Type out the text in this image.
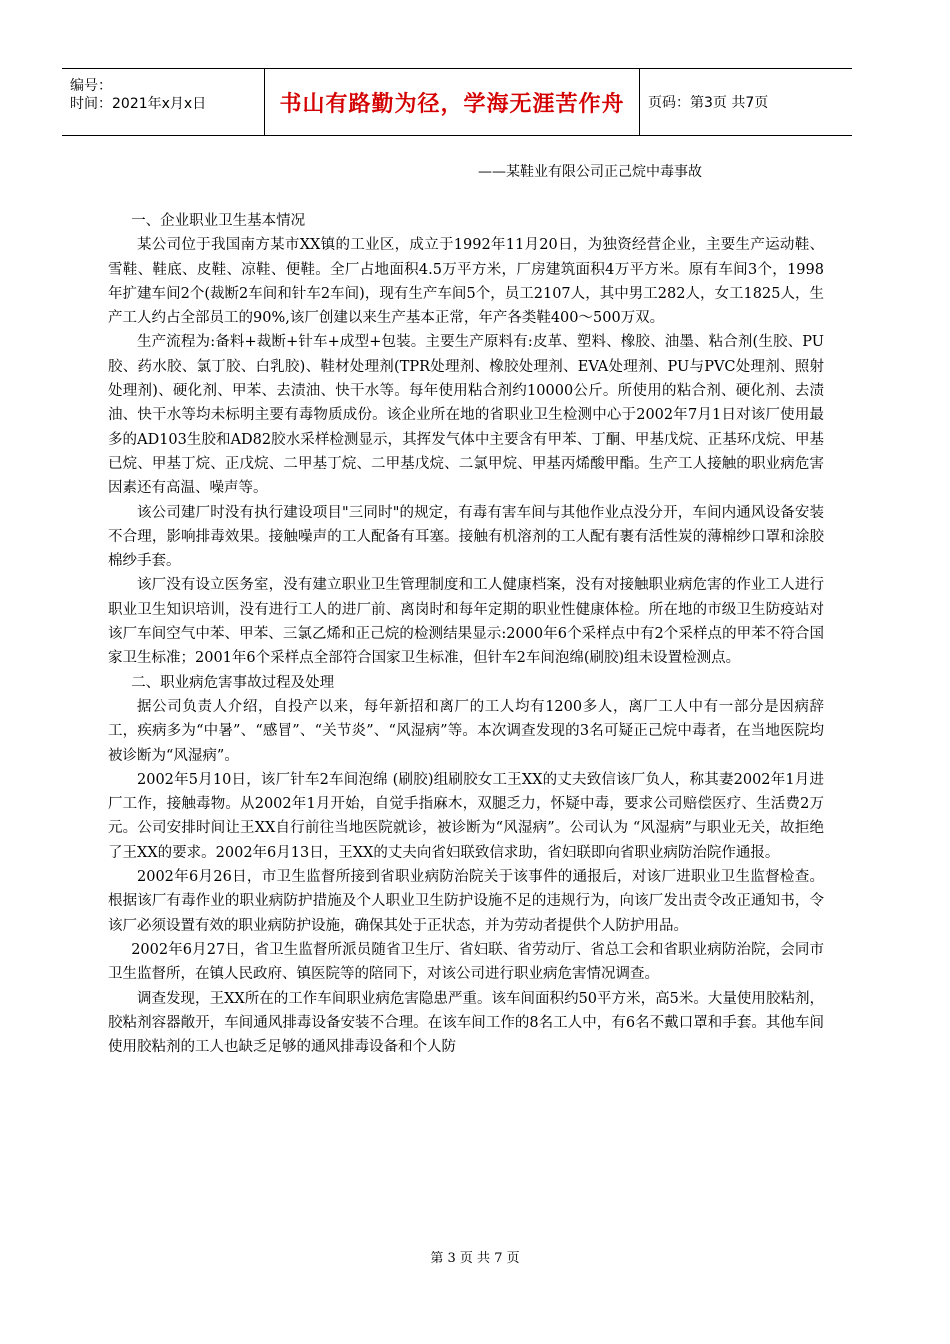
编号：
时间：2021年x月x日	书山有路勤为径，学海无涯苦作舟	页码：第3页 共7页
——某鞋业有限公司正己烷中毒事故

一、企业职业卫生基本情况

某公司位于我国南方某市XX镇的工业区，成立于1992年11月20日，为独资经营企业，主要生产运动鞋、雪鞋、鞋底、皮鞋、凉鞋、便鞋。全厂占地面积4.5万平方米，厂房建筑面积4万平方米。原有车间3个，1998年扩建车间2个(裁断2车间和针车2车间)，现有生产车间5个，员工2107人，其中男工282人，女工1825人，生产工人约占全部员工的90%,该厂创建以来生产基本正常，年产各类鞋400～500万双。

生产流程为:备料+裁断+针车+成型+包装。主要生产原料有:皮革、塑料、橡胶、油墨、粘合剂(生胶、PU胶、药水胶、氯丁胶、白乳胶)、鞋材处理剂(TPR处理剂、橡胶处理剂、EVA处理剂、PU与PVC处理剂、照射处理剂)、硬化剂、甲苯、去渍油、快干水等。每年使用粘合剂约10000公斤。所使用的粘合剂、硬化剂、去渍油、快干水等均未标明主要有毒物质成份。该企业所在地的省职业卫生检测中心于2002年7月1日对该厂使用最多的AD103生胶和AD82胶水采样检测显示，其挥发气体中主要含有甲苯、丁酮、甲基戊烷、正基环戊烷、甲基已烷、甲基丁烷、正戊烷、二甲基丁烷、二甲基戊烷、二氯甲烷、甲基丙烯酸甲酯。生产工人接触的职业病危害因素还有高温、噪声等。

该公司建厂时没有执行建设项目"三同时"的规定，有毒有害车间与其他作业点没分开，车间内通风设备安装不合理，影响排毒效果。接触噪声的工人配备有耳塞。接触有机溶剂的工人配有裹有活性炭的薄棉纱口罩和涂胶棉纱手套。

该厂没有设立医务室，没有建立职业卫生管理制度和工人健康档案，没有对接触职业病危害的作业工人进行职业卫生知识培训，没有进行工人的进厂前、离岗时和每年定期的职业性健康体检。所在地的市级卫生防疫站对该厂车间空气中苯、甲苯、三氯乙烯和正己烷的检测结果显示:2000年6个采样点中有2个采样点的甲苯不符合国家卫生标准；2001年6个采样点全部符合国家卫生标准，但针车2车间泡绵(刷胶)组未设置检测点。

二、职业病危害事故过程及处理

据公司负责人介绍，自投产以来，每年新招和离厂的工人均有1200多人，离厂工人中有一部分是因病辞工，疾病多为“中暑”、“感冒”、“关节炎”、“风湿病”等。本次调查发现的3名可疑正己烷中毒者，在当地医院均被诊断为“风湿病”。

2002年5月10日，该厂针车2车间泡绵 (刷胶)组刷胶女工王XX的丈夫致信该厂负人，称其妻2002年1月进厂工作，接触毒物。从2002年1月开始，自觉手指麻木，双腿乏力，怀疑中毒，要求公司赔偿医疗、生活费2万元。公司安排时间让王XX自行前往当地医院就诊，被诊断为“风湿病”。公司认为 “风湿病”与职业无关，故拒绝了王XX的要求。2002年6月13日，王XX的丈夫向省妇联致信求助，省妇联即向省职业病防治院作通报。

2002年6月26日，市卫生监督所接到省职业病防治院关于该事件的通报后，对该厂进职业卫生监督检查。根据该厂有毒作业的职业病防护措施及个人职业卫生防护设施不足的违规行为，向该厂发出责令改正通知书，令该厂必须设置有效的职业病防护设施，确保其处于正状态，并为劳动者提供个人防护用品。

2002年6月27日，省卫生监督所派员随省卫生厅、省妇联、省劳动厅、省总工会和省职业病防治院，会同市卫生监督所，在镇人民政府、镇医院等的陪同下，对该公司进行职业病危害情况调查。

调查发现，王XX所在的工作车间职业病危害隐患严重。该车间面积约50平方米，高5米。大量使用胶粘剂，胶粘剂容器敞开，车间通风排毒设备安装不合理。在该车间工作的8名工人中，有6名不戴口罩和手套。其他车间使用胶粘剂的工人也缺乏足够的通风排毒设备和个人防

第 3 页 共 7 页
